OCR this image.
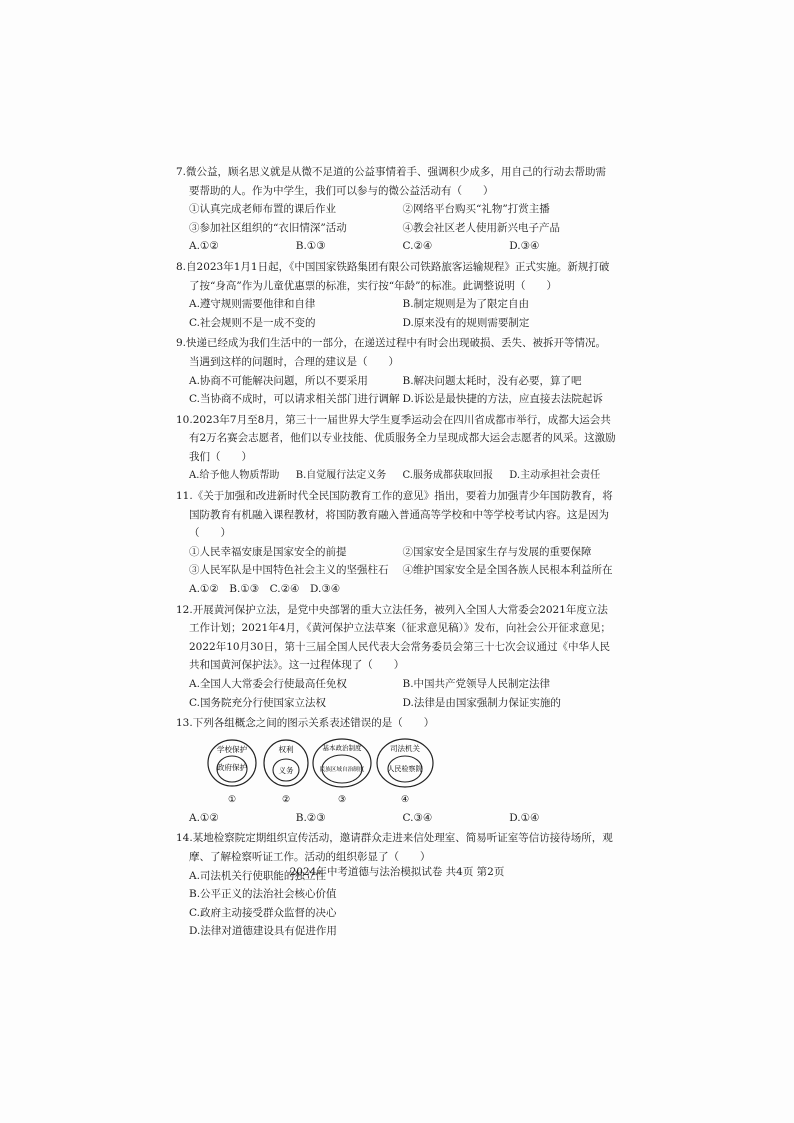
7.微公益，顾名思义就是从微不足道的公益事情着手、强调积少成多，用自己的行动去帮助需要帮助的人。作为中学生，我们可以参与的微公益活动有（　　）

①认真完成老师布置的课后作业	②网络平台购买“礼物”打赏主播
③参加社区组织的“衣旧情深”活动	④教会社区老人使用新兴电子产品
A.①②	B.①③	C.②④	D.③④

8.自2023年1月1日起，《中国国家铁路集团有限公司铁路旅客运输规程》正式实施。新规打破了按“身高”作为儿童优惠票的标准，实行按“年龄”的标准。此调整说明（　　）

A.遵守规则需要他律和自律	B.制定规则是为了限定自由
C.社会规则不是一成不变的	D.原来没有的规则需要制定

9.快递已经成为我们生活中的一部分，在递送过程中有时会出现破损、丢失、被拆开等情况。当遇到这样的问题时，合理的建议是（　　）

A.协商不可能解决问题，所以不要采用	B.解决问题太耗时，没有必要，算了吧
C.当协商不成时，可以请求相关部门进行调解 D.诉讼是最快捷的方法，应直接去法院起诉

10.2023年7月至8月，第三十一届世界大学生夏季运动会在四川省成都市举行，成都大运会共有2万名赛会志愿者，他们以专业技能、优质服务全力呈现成都大运会志愿者的风采。这激励我们（　　）

A.给予他人物质帮助	B.自觉履行法定义务	C.服务成都获取回报	D.主动承担社会责任

11.《关于加强和改进新时代全民国防教育工作的意见》指出，要着力加强青少年国防教育，将国防教育有机融入课程教材，将国防教育融入普通高等学校和中等学校考试内容。这是因为（　　）

①人民幸福安康是国家安全的前提	②国家安全是国家生存与发展的重要保障
③人民军队是中国特色社会主义的坚强柱石	④维护国家安全是全国各族人民根本利益所在
A.①②　B.①③　C.②④　D.③④

12.开展黄河保护立法，是党中央部署的重大立法任务，被列入全国人大常委会2021年度立法工作计划；2021年4月，《黄河保护立法草案（征求意见稿）》发布，向社会公开征求意见；2022年10月30日，第十三届全国人民代表大会常务委员会第三十七次会议通过《中华人民共和国黄河保护法》。这一过程体现了（　　）

A.全国人大常委会行使最高任免权	B.中国共产党领导人民制定法律
C.国务院充分行使国家立法权	D.法律是由国家强制力保证实施的

13.下列各组概念之间的图示关系表述错误的是（　　）

学校保护
政府保护
①
权利
义务
②
基本政治制度
民族区域自治制度
③
司法机关
人民检察院
④
A.①②	B.②③	C.③④	D.①④

14.某地检察院定期组织宣传活动，邀请群众走进来信处理室、简易听证室等信访接待场所，观摩、了解检察听证工作。活动的组织彰显了（　　）

A.司法机关行使职能的独立性
B.公平正义的法治社会核心价值
C.政府主动接受群众监督的决心
D.法律对道德建设具有促进作用
2024年中考道德与法治模拟试卷 共4页 第2页
